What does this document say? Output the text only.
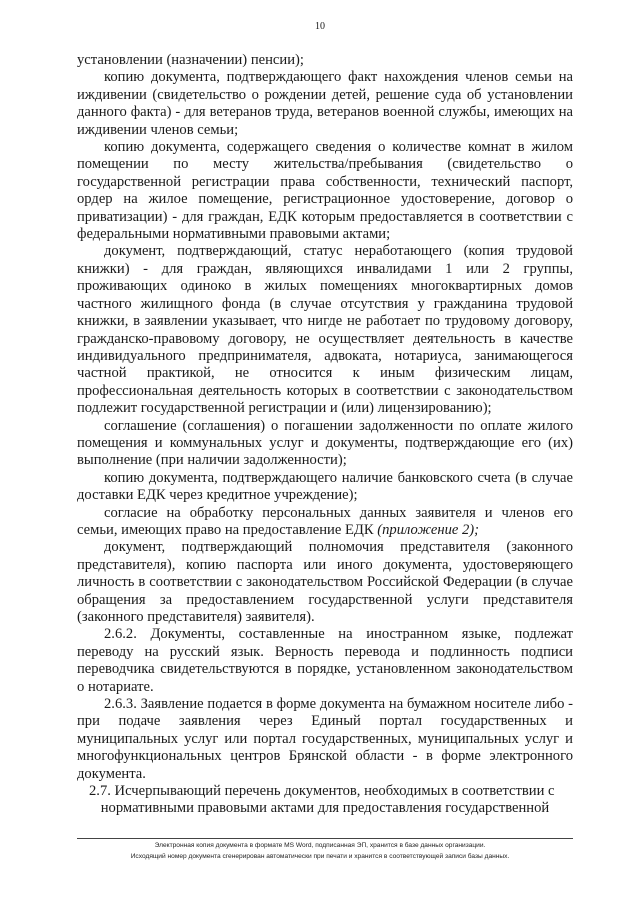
10

установлении (назначении) пенсии);

копию документа, подтверждающего факт нахождения членов семьи на иждивении (свидетельство о рождении детей, решение суда об установлении данного факта) - для ветеранов труда, ветеранов военной службы, имеющих на иждивении членов семьи;

копию документа, содержащего сведения о количестве комнат в жилом помещении по месту жительства/пребывания (свидетельство о государственной регистрации права собственности, технический паспорт, ордер на жилое помещение, регистрационное удостоверение, договор о приватизации) - для граждан, ЕДК которым предоставляется в соответствии с федеральными нормативными правовыми актами;

документ, подтверждающий, статус неработающего (копия трудовой книжки) - для граждан, являющихся инвалидами 1 или 2 группы, проживающих одиноко в жилых помещениях многоквартирных домов частного жилищного фонда (в случае отсутствия у гражданина трудовой книжки, в заявлении указывает, что нигде не работает по трудовому договору, гражданско-правовому договору, не осуществляет деятельность в качестве индивидуального предпринимателя, адвоката, нотариуса, занимающегося частной практикой, не относится к иным физическим лицам, профессиональная деятельность которых в соответствии с законодательством подлежит государственной регистрации и (или) лицензированию);

соглашение (соглашения) о погашении задолженности по оплате жилого помещения и коммунальных услуг и документы, подтверждающие его (их) выполнение (при наличии задолженности);

копию документа, подтверждающего наличие банковского счета (в случае доставки ЕДК через кредитное учреждение);

согласие на обработку персональных данных заявителя и членов его семьи, имеющих право на предоставление ЕДК (приложение 2);

документ, подтверждающий полномочия представителя (законного представителя), копию паспорта или иного документа, удостоверяющего личность в соответствии с законодательством Российской Федерации (в случае обращения за предоставлением государственной услуги представителя (законного представителя) заявителя).

2.6.2. Документы, составленные на иностранном языке, подлежат переводу на русский язык. Верность перевода и подлинность подписи переводчика свидетельствуются в порядке, установленном законодательством о нотариате.

2.6.3. Заявление подается в форме документа на бумажном носителе либо - при подаче заявления через Единый портал государственных и муниципальных услуг или портал государственных, муниципальных услуг и многофункциональных центров Брянской области - в форме электронного документа.

2.7. Исчерпывающий перечень документов, необходимых в соответствии с
нормативными правовыми актами для предоставления государственной

Электронная копия документа в формате MS Word, подписанная ЭП, хранится в базе данных организации.
Исходящий номер документа сгенерирован автоматически при печати и хранится в соответствующей записи базы данных.
